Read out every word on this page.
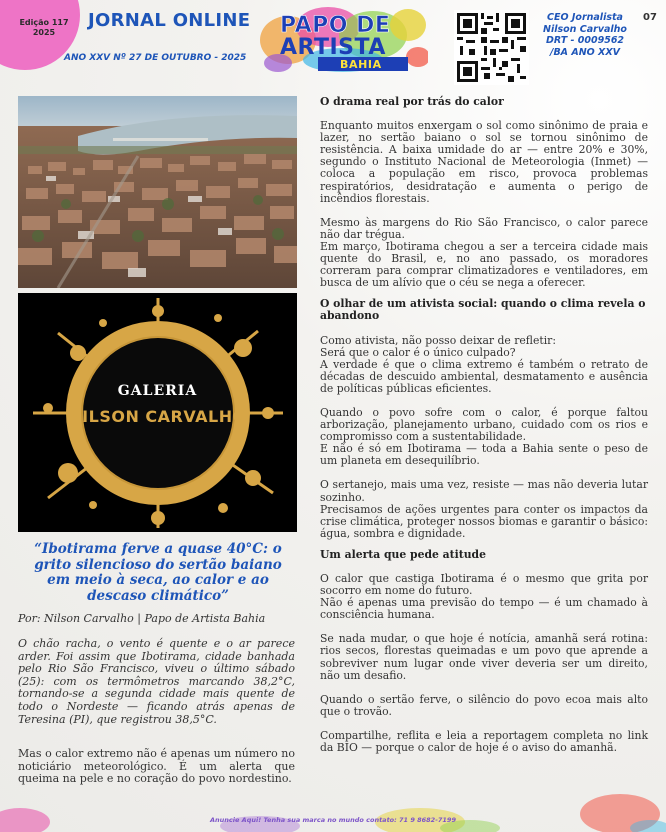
Edição 117
2025
JORNAL ONLINE
ANO XXV Nº 27 DE OUTUBRO - 2025
PAPO DE
ARTISTA
BAHIA
CEO Jornalista
Nilson Carvalho
DRT - 0009562
/BA ANO XXV
07
GALERIA
NILSON CARVALHO
“Ibotirama ferve a quase 40°C: o grito silencioso do sertão baiano em meio à seca, ao calor e ao descaso climático”
Por: Nilson Carvalho | Papo de Artista Bahia
O chão racha, o vento é quente e o ar parece arder. Foi assim que Ibotirama, cidade banhada pelo Rio São Francisco, viveu o último sábado (25): com os termômetros marcando 38,2°C, tornando-se a segunda cidade mais quente de todo o Nordeste — ficando atrás apenas de Teresina (PI), que registrou 38,5°C.
Mas o calor extremo não é apenas um número no noticiário meteorológico. É um alerta que queima na pele e no coração do povo nordestino.
O drama real por trás do calor

Enquanto muitos enxergam o sol como sinônimo de praia e lazer, no sertão baiano o sol se tornou sinônimo de resistência. A baixa umidade do ar — entre 20% e 30%, segundo o Instituto Nacional de Meteorologia (Inmet) — coloca a população em risco, provoca problemas respiratórios, desidratação e aumenta o perigo de incêndios florestais.

Mesmo às margens do Rio São Francisco, o calor parece não dar trégua.

Em março, Ibotirama chegou a ser a terceira cidade mais quente do Brasil, e, no ano passado, os moradores correram para comprar climatizadores e ventiladores, em busca de um alívio que o céu se nega a oferecer.

O olhar de um ativista social: quando o clima revela o abandono

Como ativista, não posso deixar de refletir:

Será que o calor é o único culpado?

A verdade é que o clima extremo é também o retrato de décadas de descuido ambiental, desmatamento e ausência de políticas públicas eficientes.

Quando o povo sofre com o calor, é porque faltou arborização, planejamento urbano, cuidado com os rios e compromisso com a sustentabilidade.

E não é só em Ibotirama — toda a Bahia sente o peso de um planeta em desequilíbrio.

O sertanejo, mais uma vez, resiste — mas não deveria lutar sozinho.

Precisamos de ações urgentes para conter os impactos da crise climática, proteger nossos biomas e garantir o básico: água, sombra e dignidade.

Um alerta que pede atitude

O calor que castiga Ibotirama é o mesmo que grita por socorro em nome do futuro.

Não é apenas uma previsão do tempo — é um chamado à consciência humana.

Se nada mudar, o que hoje é notícia, amanhã será rotina: rios secos, florestas queimadas e um povo que aprende a sobreviver num lugar onde viver deveria ser um direito, não um desafio.

Quando o sertão ferve, o silêncio do povo ecoa mais alto que o trovão.

Compartilhe, reflita e leia a reportagem completa no link da BIO — porque o calor de hoje é o aviso do amanhã.

Anuncie Aqui! Tenha sua marca no mundo contato: 71 9 8682-7199
